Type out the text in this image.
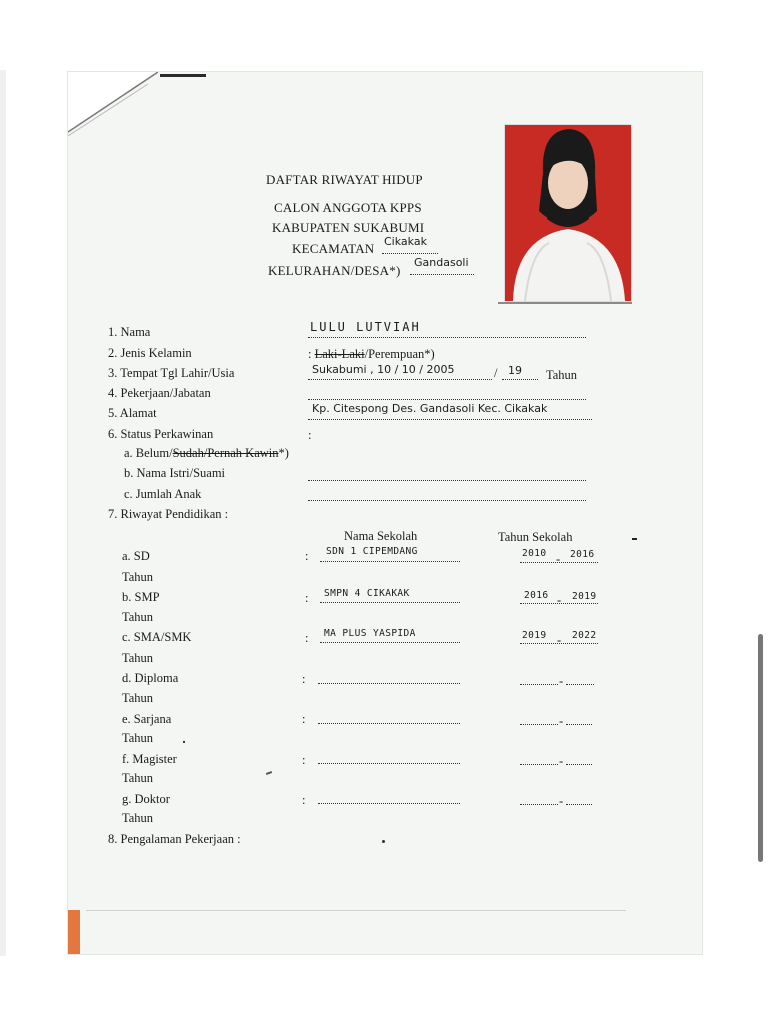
DAFTAR RIWAYAT HIDUP
CALON ANGGOTA KPPS
KABUPATEN SUKABUMI
KECAMATAN Cikakak
KELURAHAN/DESA*)
Gandasoli
1. Nama	LULU LUTVIAH
2. Jenis Kelamin	: Laki-Laki/Perempuan*)
3. Tempat Tgl Lahir/Usia	Sukabumi , 10 / 10 / 2005	/ 19 Tahun
4. Pekerjaan/Jabatan
5. Alamat	Kp. Citespong Des. Gandasoli Kec. Cikakak
6. Status Perkawinan	:
a. Belum/Sudah/Pernah Kawin*)
b. Nama Istri/Suami
c. Jumlah Anak
7. Riwayat Pendidikan :
Nama Sekolah	Tahun Sekolah
a. SD	: SDN 1 CIPEMDANG	2010 - 2016
Tahun
b. SMP	: SMPN 4 CIKAKAK	2016 - 2019
Tahun
c. SMA/SMK	: MA PLUS YASPIDA	2019 - 2022
Tahun
d. Diploma	:	-
Tahun
e. Sarjana	:	-
Tahun
f. Magister	:	-
Tahun
g. Doktor	:	-
Tahun
8. Pengalaman Pekerjaan :
